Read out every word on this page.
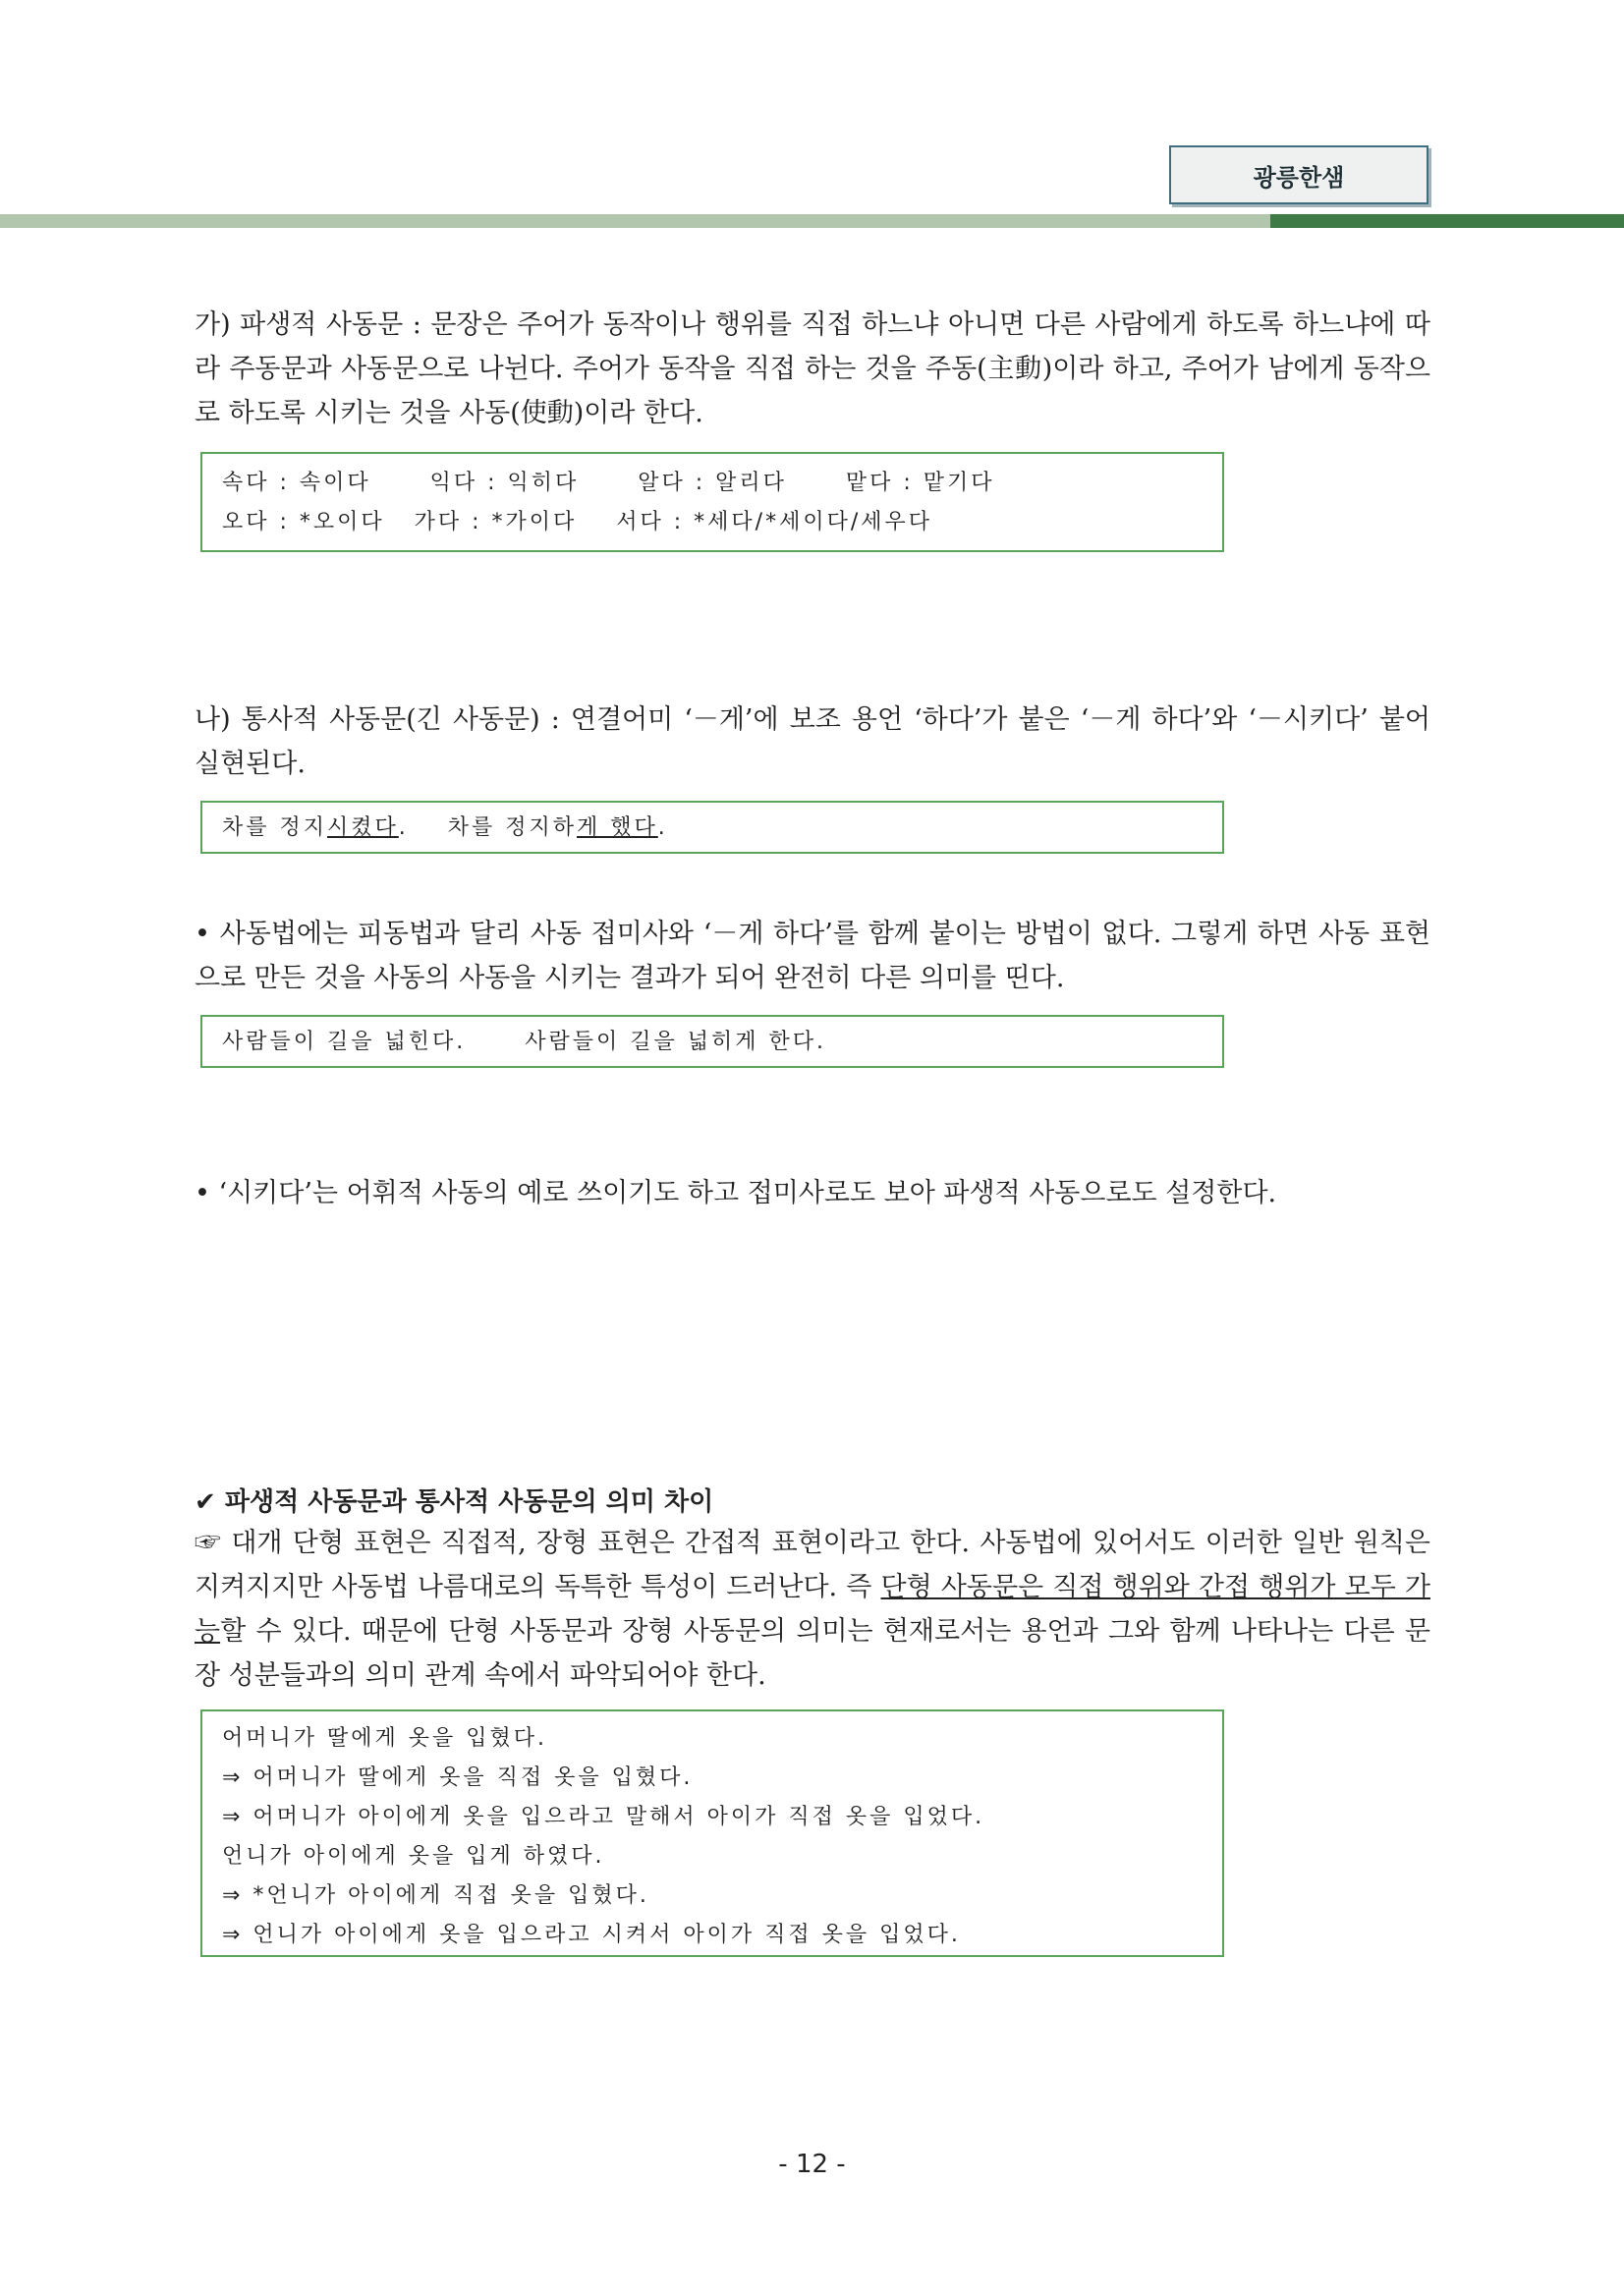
광릉한샘

가) 파생적 사동문 : 문장은 주어가 동작이나 행위를 직접 하느냐 아니면 다른 사람에게 하도록 하느냐에 따라 주동문과 사동문으로 나뉜다. 주어가 동작을 직접 하는 것을 주동(主動)이라 하고, 주어가 남에게 동작으로 하도록 시키는 것을 사동(使動)이라 한다.

속다 : 속이다      익다 : 익히다      알다 : 알리다      맡다 : 맡기다
오다 : *오이다   가다 : *가이다    서다 : *세다/*세이다/세우다

나) 통사적 사동문(긴 사동문) : 연결어미 ‘－게’에 보조 용언 ‘하다’가 붙은 ‘－게 하다’와 ‘－시키다’ 붙어 실현된다.

차를 정지시켰다.    차를 정지하게 했다.

• 사동법에는 피동법과 달리 사동 접미사와 ‘－게 하다’를 함께 붙이는 방법이 없다. 그렇게 하면 사동 표현으로 만든 것을 사동의 사동을 시키는 결과가 되어 완전히 다른 의미를 띤다.

사람들이 길을 넓힌다.      사람들이 길을 넓히게 한다.

• ‘시키다’는 어휘적 사동의 예로 쓰이기도 하고 접미사로도 보아 파생적 사동으로도 설정한다.

✔ 파생적 사동문과 통사적 사동문의 의미 차이

☞ 대개 단형 표현은 직접적, 장형 표현은 간접적 표현이라고 한다. 사동법에 있어서도 이러한 일반 원칙은 지켜지지만 사동법 나름대로의 독특한 특성이 드러난다. 즉 단형 사동문은 직접 행위와 간접 행위가 모두 가능할 수 있다. 때문에 단형 사동문과 장형 사동문의 의미는 현재로서는 용언과 그와 함께 나타나는 다른 문장 성분들과의 의미 관계 속에서 파악되어야 한다.

어머니가 딸에게 옷을 입혔다.
⇒ 어머니가 딸에게 옷을 직접 옷을 입혔다.
⇒ 어머니가 아이에게 옷을 입으라고 말해서 아이가 직접 옷을 입었다.
언니가 아이에게 옷을 입게 하였다.
⇒ *언니가 아이에게 직접 옷을 입혔다.
⇒ 언니가 아이에게 옷을 입으라고 시켜서 아이가 직접 옷을 입었다.
- 12 -
